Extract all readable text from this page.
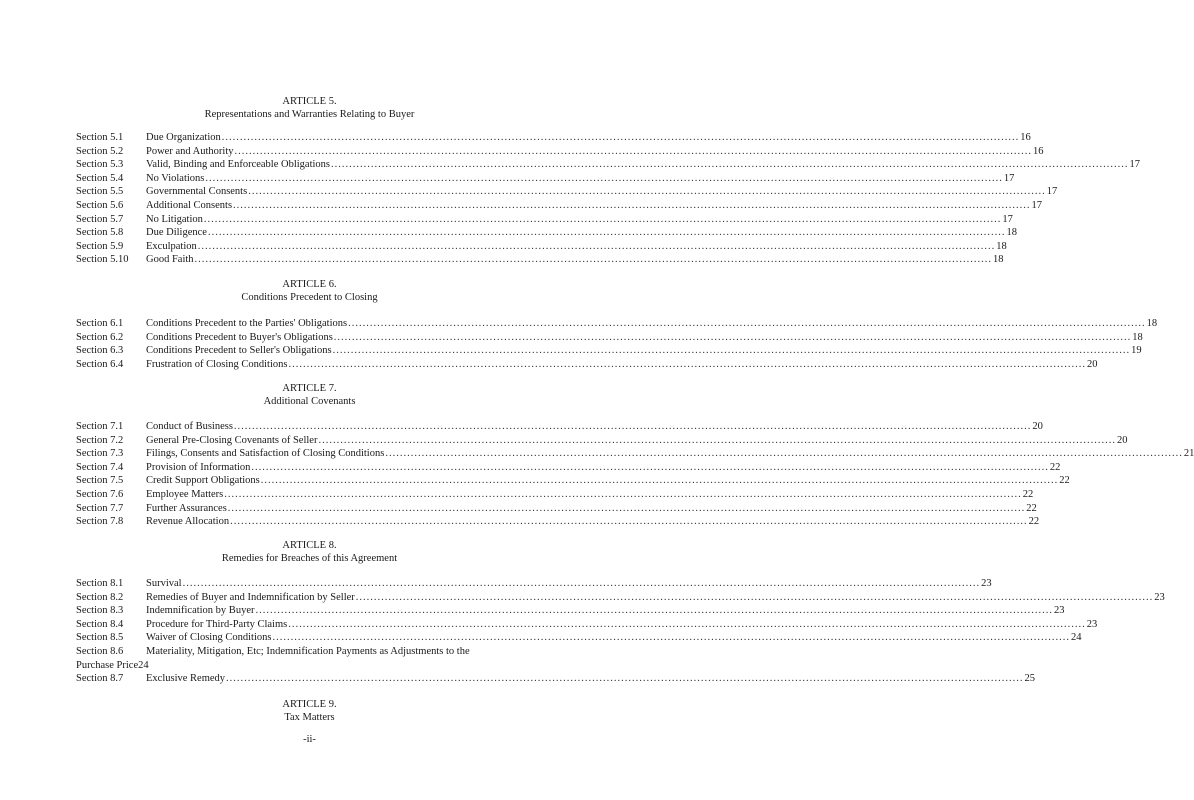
ARTICLE 5.
Representations and Warranties Relating to Buyer
Section 5.1	Due Organization ............................................................................................................................................................................................................................ 16
Section 5.2	Power and Authority ............................................................................................................................................................................................................................ 16
Section 5.3	Valid, Binding and Enforceable Obligations ............................................................................................................................................................................................................................ 17
Section 5.4	No Violations ............................................................................................................................................................................................................................ 17
Section 5.5	Governmental Consents ............................................................................................................................................................................................................................ 17
Section 5.6	Additional Consents ............................................................................................................................................................................................................................ 17
Section 5.7	No Litigation ............................................................................................................................................................................................................................ 17
Section 5.8	Due Diligence ............................................................................................................................................................................................................................ 18
Section 5.9	Exculpation ............................................................................................................................................................................................................................ 18
Section 5.10	Good Faith ............................................................................................................................................................................................................................ 18
ARTICLE 6.
Conditions Precedent to Closing
Section 6.1	Conditions Precedent to the Parties' Obligations ............................................................................................................................................................................................................................ 18
Section 6.2	Conditions Precedent to Buyer's Obligations ............................................................................................................................................................................................................................ 18
Section 6.3	Conditions Precedent to Seller's Obligations ............................................................................................................................................................................................................................ 19
Section 6.4	Frustration of Closing Conditions ............................................................................................................................................................................................................................ 20
ARTICLE 7.
Additional Covenants
Section 7.1	Conduct of Business ............................................................................................................................................................................................................................ 20
Section 7.2	General Pre-Closing Covenants of Seller ............................................................................................................................................................................................................................ 20
Section 7.3	Filings, Consents and Satisfaction of Closing Conditions ............................................................................................................................................................................................................................ 21
Section 7.4	Provision of Information ............................................................................................................................................................................................................................ 22
Section 7.5	Credit Support Obligations ............................................................................................................................................................................................................................ 22
Section 7.6	Employee Matters ............................................................................................................................................................................................................................ 22
Section 7.7	Further Assurances ............................................................................................................................................................................................................................ 22
Section 7.8	Revenue Allocation ............................................................................................................................................................................................................................ 22
ARTICLE 8.
Remedies for Breaches of this Agreement
Section 8.1	Survival ............................................................................................................................................................................................................................ 23
Section 8.2	Remedies of Buyer and Indemnification by Seller ............................................................................................................................................................................................................................ 23
Section 8.3	Indemnification by Buyer ............................................................................................................................................................................................................................ 23
Section 8.4	Procedure for Third-Party Claims ............................................................................................................................................................................................................................ 23
Section 8.5	Waiver of Closing Conditions ............................................................................................................................................................................................................................ 24
Section 8.6	Materiality, Mitigation, Etc; Indemnification Payments as Adjustments to the
Purchase Price24
Section 8.7	Exclusive Remedy ............................................................................................................................................................................................................................ 25
ARTICLE 9.
Tax Matters
-ii-
